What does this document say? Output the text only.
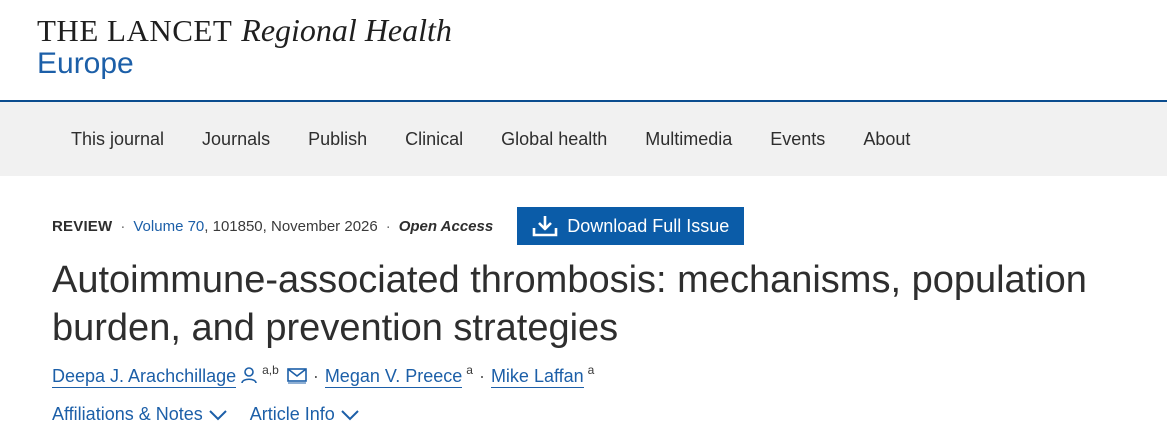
THE LANCET Regional Health
Europe
This journal	Journals	Publish	Clinical	Global health	Multimedia	Events	About
REVIEW · Volume 70 , 101850, November 2026 · Open Access	Download Full Issue
Autoimmune-associated thrombosis: mechanisms, population burden, and prevention strategies
Deepa J. Arachchillage a,b · Megan V. Preece a · Mike Laffan a
Affiliations & Notes	Article Info
